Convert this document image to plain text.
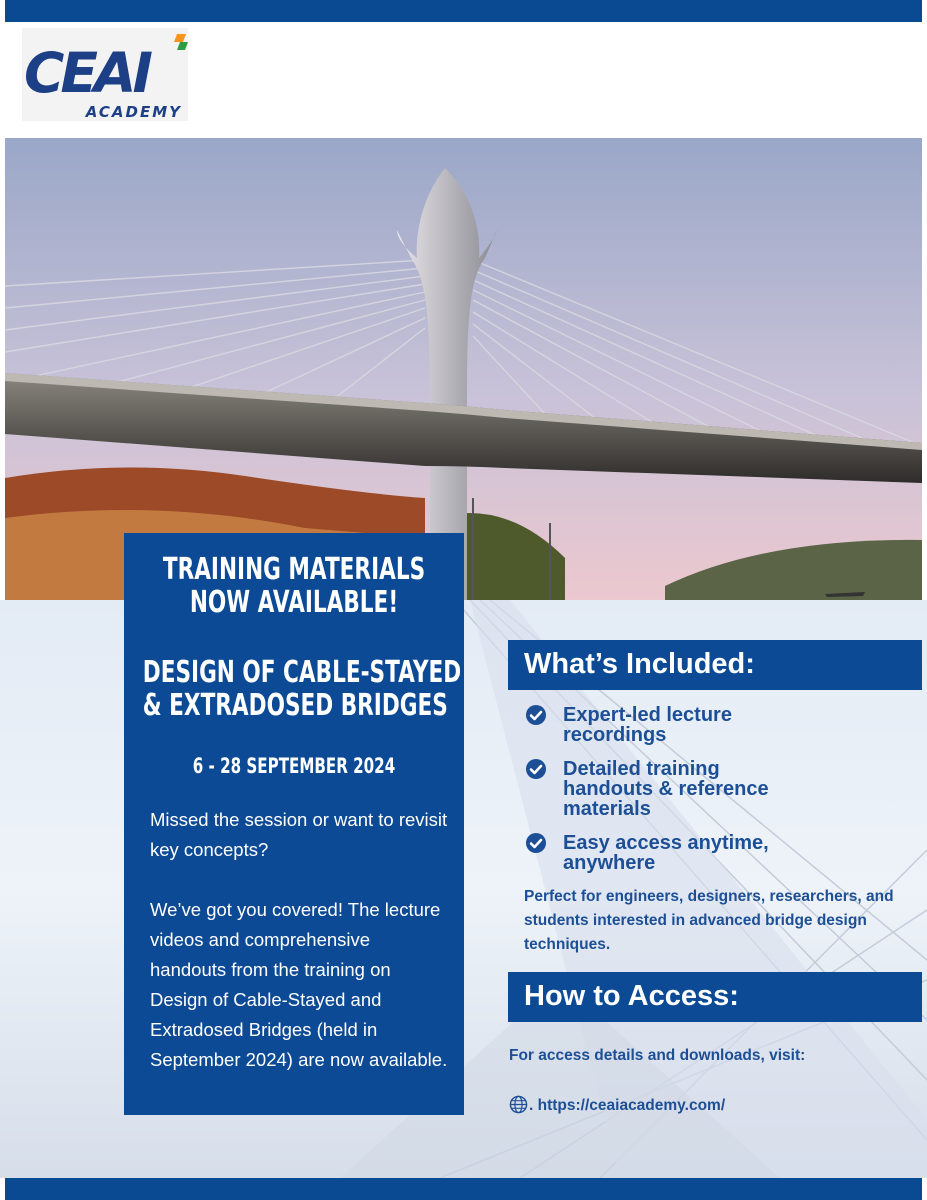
CEAI
ACADEMY
TRAINING MATERIALS
NOW AVAILABLE!
DESIGN OF CABLE-STAYED
& EXTRADOSED BRIDGES
6 - 28 SEPTEMBER 2024
Missed the session or want to revisit key concepts?
We’ve got you covered! The lecture videos and comprehensive handouts from the training on Design of Cable-Stayed and Extradosed Bridges (held in September 2024) are now available.
What’s Included:
Expert-led lecture
recordings
Detailed training
handouts & reference
materials
Easy access anytime,
anywhere
Perfect for engineers, designers, researchers, and
students interested in advanced bridge design
techniques.
How to Access:
For access details and downloads, visit:
. https://ceaiacademy.com/
